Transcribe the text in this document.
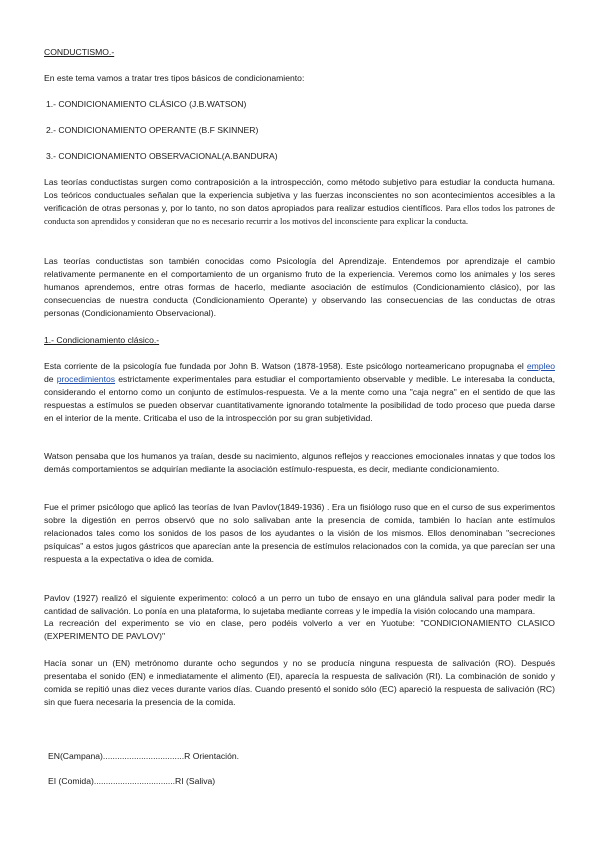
CONDUCTISMO.-

En este tema vamos a tratar tres tipos básicos de condicionamiento:

1.- CONDICIONAMIENTO CLÁSICO (J.B.WATSON)

2.- CONDICIONAMIENTO OPERANTE (B.F SKINNER)

3.- CONDICIONAMIENTO OBSERVACIONAL(A.BANDURA)

Las teorías conductistas surgen como contraposición a la introspección, como método subjetivo para estudiar la conducta humana. Los teóricos conductuales señalan que la experiencia subjetiva y las fuerzas inconscientes no son acontecimientos accesibles a la verificación de otras personas y, por lo tanto, no son datos apropiados para realizar estudios científicos. Para ellos todos los patrones de conducta son aprendidos y consideran que no es necesario recurrir a los motivos del inconsciente para explicar la conducta.

Las teorías conductistas son también conocidas como Psicología del Aprendizaje. Entendemos por aprendizaje el cambio relativamente permanente en el comportamiento de un organismo fruto de la experiencia. Veremos como los animales y los seres humanos aprendemos, entre otras formas de hacerlo, mediante asociación de estímulos (Condicionamiento clásico), por las consecuencias de nuestra conducta (Condicionamiento Operante) y observando las consecuencias de las conductas de otras personas (Condicionamiento Observacional).

1.- Condicionamiento clásico.-

Esta corriente de la psicología fue fundada por John B. Watson (1878-1958). Este psicólogo norteamericano propugnaba el empleo de procedimientos estrictamente experimentales para estudiar el comportamiento observable y medible. Le interesaba la conducta, considerando el entorno como un conjunto de estímulos-respuesta. Ve a la mente como una "caja negra" en el sentido de que las respuestas a estímulos se pueden observar cuantitativamente ignorando totalmente la posibilidad de todo proceso que pueda darse en el interior de la mente. Criticaba el uso de la introspección por su gran subjetividad.

Watson pensaba que los humanos ya traían, desde su nacimiento, algunos reflejos y reacciones emocionales innatas y que todos los demás comportamientos se adquirían mediante la asociación estímulo-respuesta, es decir, mediante condicionamiento.

Fue el primer psicólogo que aplicó las teorías de Ivan Pavlov(1849-1936) . Era un fisiólogo ruso que en el curso de sus experimentos sobre la digestión en perros observó que no solo salivaban ante la presencia de comida, también lo hacían ante estímulos relacionados tales como los sonidos de los pasos de los ayudantes o la visión de los mismos. Ellos denominaban "secreciones psíquicas" a estos jugos gástricos que aparecían ante la presencia de estímulos relacionados con la comida, ya que parecían ser una respuesta a la expectativa o idea de comida.

Pavlov (1927) realizó el siguiente experimento: colocó a un perro un tubo de ensayo en una glándula salival para poder medir la cantidad de salivación. Lo ponía en una plataforma, lo sujetaba mediante correas y le impedía la visión colocando una mampara.

La recreación del experimento se vio en clase, pero podéis volverlo a ver en Yuotube: "CONDICIONAMIENTO CLASICO (EXPERIMENTO DE PAVLOV)"

Hacía sonar un (EN) metrónomo durante ocho segundos y no se producía ninguna respuesta de salivación (RO). Después presentaba el sonido (EN) e inmediatamente el alimento (EI), aparecía la respuesta de salivación (RI). La combinación de sonido y comida se repitió unas diez veces durante varios días. Cuando presentó el sonido sólo (EC) apareció la respuesta de salivación (RC) sin que fuera necesaria la presencia de la comida.

EN(Campana)..................................R Orientación.

EI (Comida)..................................RI (Saliva)
